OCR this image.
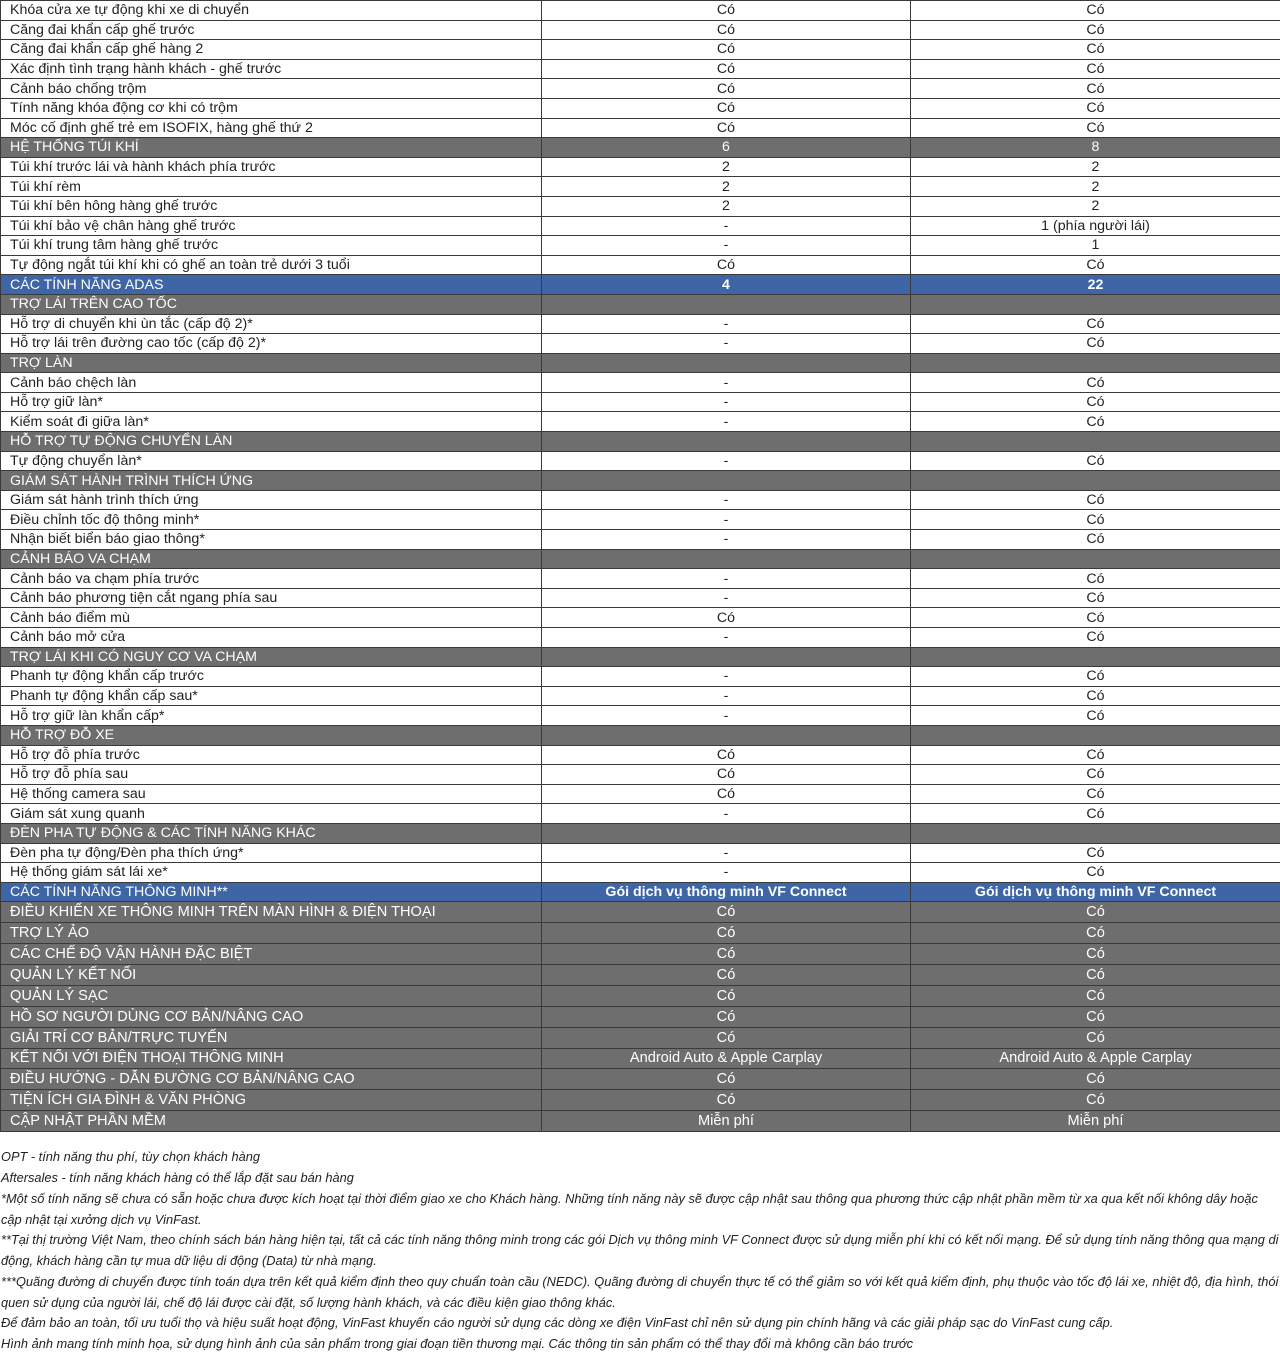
Khóa cửa xe tự động khi xe di chuyển	Có	Có
Căng đai khẩn cấp ghế trước	Có	Có
Căng đai khẩn cấp ghế hàng 2	Có	Có
Xác định tình trạng hành khách - ghế trước	Có	Có
Cảnh báo chống trộm	Có	Có
Tính năng khóa động cơ khi có trộm	Có	Có
Móc cố định ghế trẻ em ISOFIX, hàng ghế thứ 2	Có	Có
HỆ THỐNG TÚI KHÍ	6	8
Túi khí trước lái và hành khách phía trước	2	2
Túi khí rèm	2	2
Túi khí bên hông hàng ghế trước	2	2
Túi khí bảo vệ chân hàng ghế trước	-	1 (phía người lái)
Túi khí trung tâm hàng ghế trước	-	1
Tự động ngắt túi khí khi có ghế an toàn trẻ dưới 3 tuổi	Có	Có
CÁC TÍNH NĂNG ADAS	4	22
TRỢ LÁI TRÊN CAO TỐC		
Hỗ trợ di chuyển khi ùn tắc (cấp độ 2)*	-	Có
Hỗ trợ lái trên đường cao tốc (cấp độ 2)*	-	Có
TRỢ LÀN		
Cảnh báo chệch làn	-	Có
Hỗ trợ giữ làn*	-	Có
Kiểm soát đi giữa làn*	-	Có
HỖ TRỢ TỰ ĐỘNG CHUYỂN LÀN		
Tự động chuyển làn*	-	Có
GIÁM SÁT HÀNH TRÌNH THÍCH ỨNG		
Giám sát hành trình thích ứng	-	Có
Điều chỉnh tốc độ thông minh*	-	Có
Nhận biết biển báo giao thông*	-	Có
CẢNH BÁO VA CHẠM		
Cảnh báo va chạm phía trước	-	Có
Cảnh báo phương tiện cắt ngang phía sau	-	Có
Cảnh báo điểm mù	Có	Có
Cảnh báo mở cửa	-	Có
TRỢ LÁI KHI CÓ NGUY CƠ VA CHẠM		
Phanh tự động khẩn cấp trước	-	Có
Phanh tự động khẩn cấp sau*	-	Có
Hỗ trợ giữ làn khẩn cấp*	-	Có
HỖ TRỢ ĐỖ XE		
Hỗ trợ đỗ phía trước	Có	Có
Hỗ trợ đỗ phía sau	Có	Có
Hệ thống camera sau	Có	Có
Giám sát xung quanh	-	Có
ĐÈN PHA TỰ ĐỘNG & CÁC TÍNH NĂNG KHÁC		
Đèn pha tự động/Đèn pha thích ứng*	-	Có
Hệ thống giám sát lái xe*	-	Có
CÁC TÍNH NĂNG THÔNG MINH**	Gói dịch vụ thông minh VF Connect	Gói dịch vụ thông minh VF Connect
ĐIỀU KHIỂN XE THÔNG MINH TRÊN MÀN HÌNH & ĐIỆN THOẠI	Có	Có
TRỢ LÝ ẢO	Có	Có
CÁC CHẾ ĐỘ VẬN HÀNH ĐẶC BIỆT	Có	Có
QUẢN LÝ KẾT NỐI	Có	Có
QUẢN LÝ SẠC	Có	Có
HỒ SƠ NGƯỜI DÙNG CƠ BẢN/NÂNG CAO	Có	Có
GIẢI TRÍ CƠ BẢN/TRỰC TUYẾN	Có	Có
KẾT NỐI VỚI ĐIỆN THOẠI THÔNG MINH	Android Auto & Apple Carplay	Android Auto & Apple Carplay
ĐIỀU HƯỚNG - DẪN ĐƯỜNG CƠ BẢN/NÂNG CAO	Có	Có
TIỆN ÍCH GIA ĐÌNH & VĂN PHÒNG	Có	Có
CẬP NHẬT PHẦN MỀM	Miễn phí	Miễn phí

OPT - tính năng thu phí, tùy chọn khách hàng

Aftersales - tính năng khách hàng có thể lắp đặt sau bán hàng

*Một số tính năng sẽ chưa có sẵn hoặc chưa được kích hoạt tại thời điểm giao xe cho Khách hàng. Những tính năng này sẽ được cập nhật sau thông qua phương thức cập nhật phần mềm từ xa qua kết nối không dây hoặc cập nhật tại xưởng dịch vụ VinFast.

**Tại thị trường Việt Nam, theo chính sách bán hàng hiện tại, tất cả các tính năng thông minh trong các gói Dịch vụ thông minh VF Connect được sử dụng miễn phí khi có kết nối mạng. Để sử dụng tính năng thông qua mạng di động, khách hàng cần tự mua dữ liệu di động (Data) từ nhà mạng.

***Quãng đường di chuyển được tính toán dựa trên kết quả kiểm định theo quy chuẩn toàn cầu (NEDC). Quãng đường di chuyển thực tế có thể giảm so với kết quả kiểm định, phụ thuộc vào tốc độ lái xe, nhiệt độ, địa hình, thói quen sử dụng của người lái, chế độ lái được cài đặt, số lượng hành khách, và các điều kiện giao thông khác.

Để đảm bảo an toàn, tối ưu tuổi thọ và hiệu suất hoạt động, VinFast khuyến cáo người sử dụng các dòng xe điện VinFast chỉ nên sử dụng pin chính hãng và các giải pháp sạc do VinFast cung cấp.

Hình ảnh mang tính minh họa, sử dụng hình ảnh của sản phẩm trong giai đoạn tiền thương mại. Các thông tin sản phẩm có thể thay đổi mà không cần báo trước
